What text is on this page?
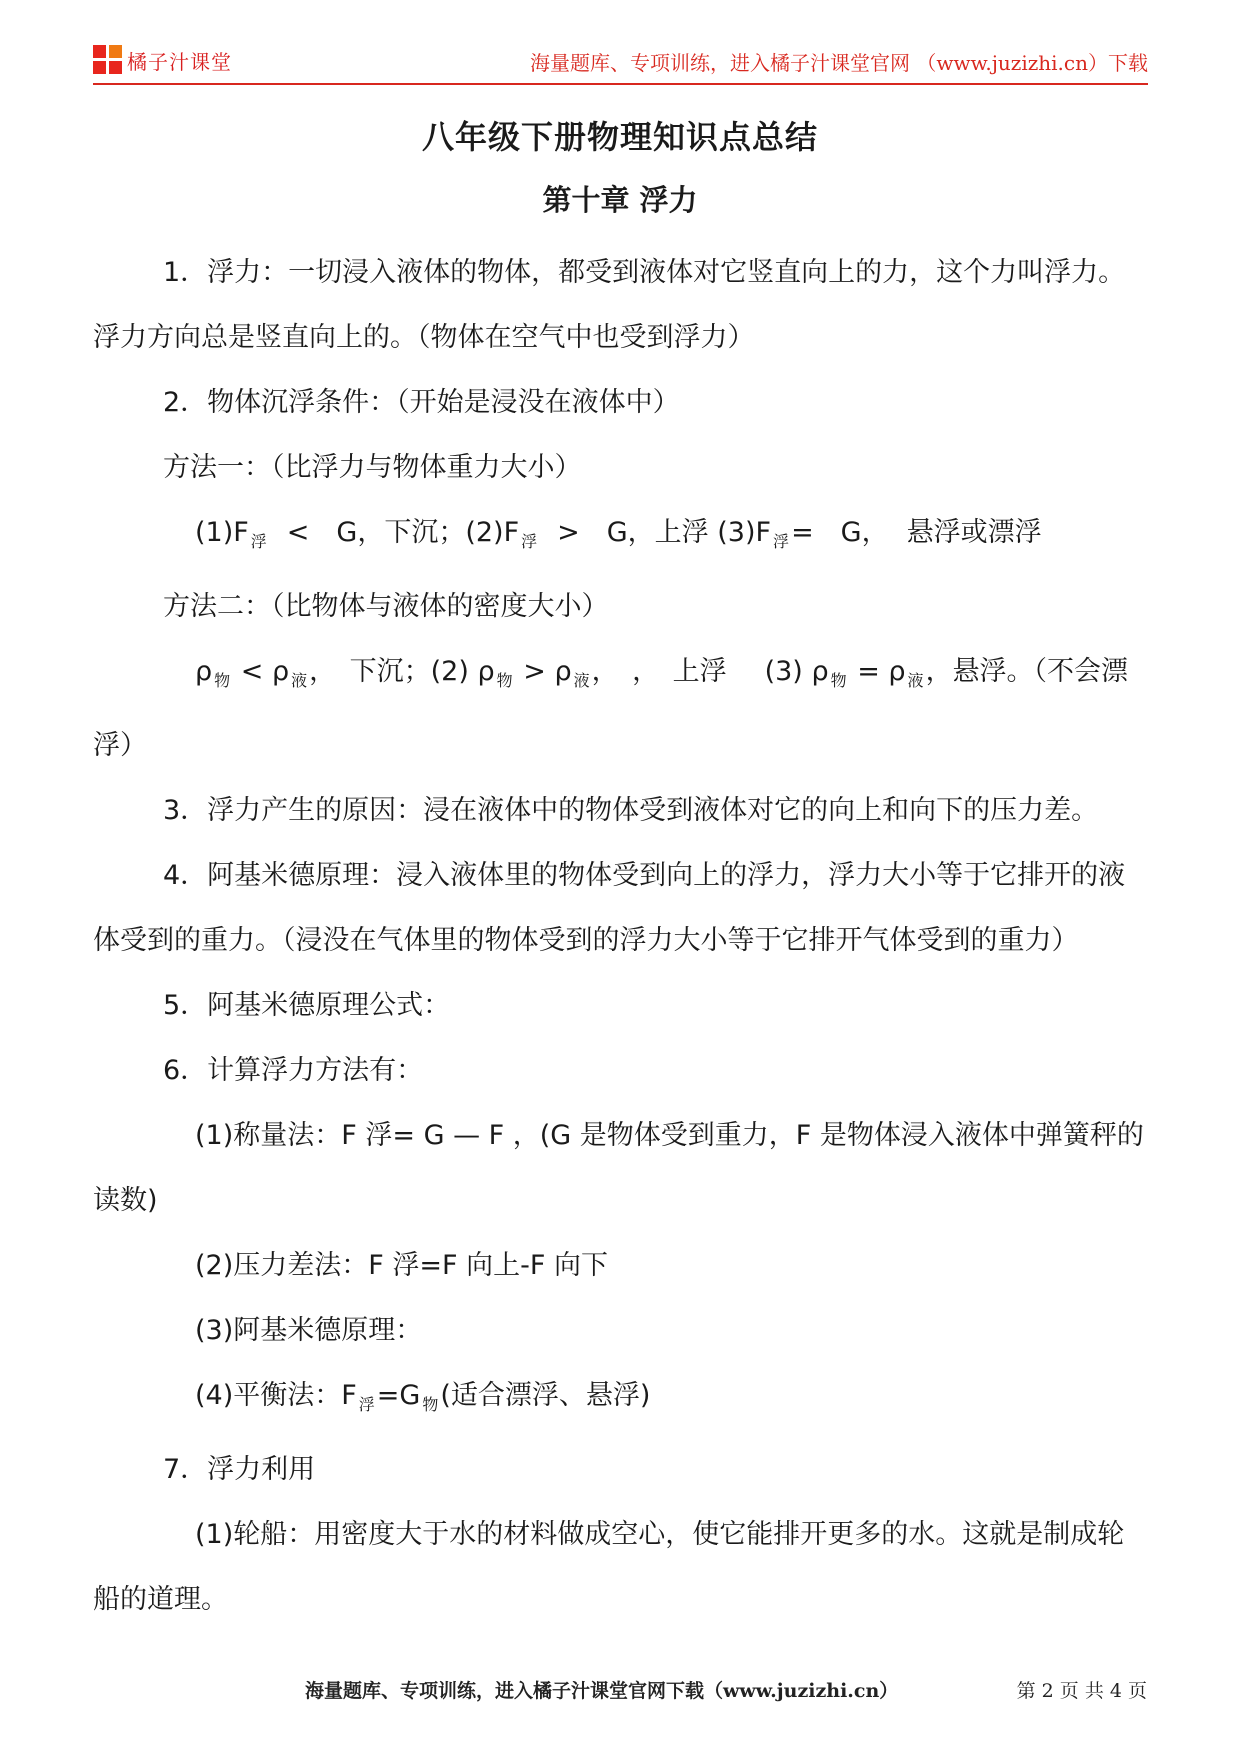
橘子汁课堂	海量题库、专项训练，进入橘子汁课堂官网 （www.juzizhi.cn）下载
八年级下册物理知识点总结
第十章 浮力

1．浮力：一切浸入液体的物体，都受到液体对它竖直向上的力，这个力叫浮力。浮力方向总是竖直向上的。（物体在空气中也受到浮力）

2．物体沉浮条件：（开始是浸没在液体中）

方法一：（比浮力与物体重力大小）

(1)F $_浮$ <　G，下沉；(2)F $_浮$ >　G，上浮 (3)F $_浮$=　G， 悬浮或漂浮

方法二：（比物体与液体的密度大小）

ρ $_物$ < ρ $_液$，　下沉；(2) ρ $_物$ > ρ $_液$，　，　上浮 (3) ρ $_物$ = ρ $_液$，悬浮。（不会漂浮）

3．浮力产生的原因：浸在液体中的物体受到液体对它的向上和向下的压力差。

4．阿基米德原理：浸入液体里的物体受到向上的浮力，浮力大小等于它排开的液体受到的重力。（浸没在气体里的物体受到的浮力大小等于它排开气体受到的重力）

5．阿基米德原理公式：

6．计算浮力方法有：

(1)称量法：F 浮= G — F ，(G 是物体受到重力，F 是物体浸入液体中弹簧秤的读数)

(2)压力差法：F 浮=F 向上-F 向下

(3)阿基米德原理：

(4)平衡法：F $_浮$=G $_物$(适合漂浮、悬浮)

7．浮力利用

(1)轮船：用密度大于水的材料做成空心，使它能排开更多的水。这就是制成轮船的道理。

海量题库、专项训练，进入橘子汁课堂官网下载（www.juzizhi.cn）	第 2 页 共 4 页
